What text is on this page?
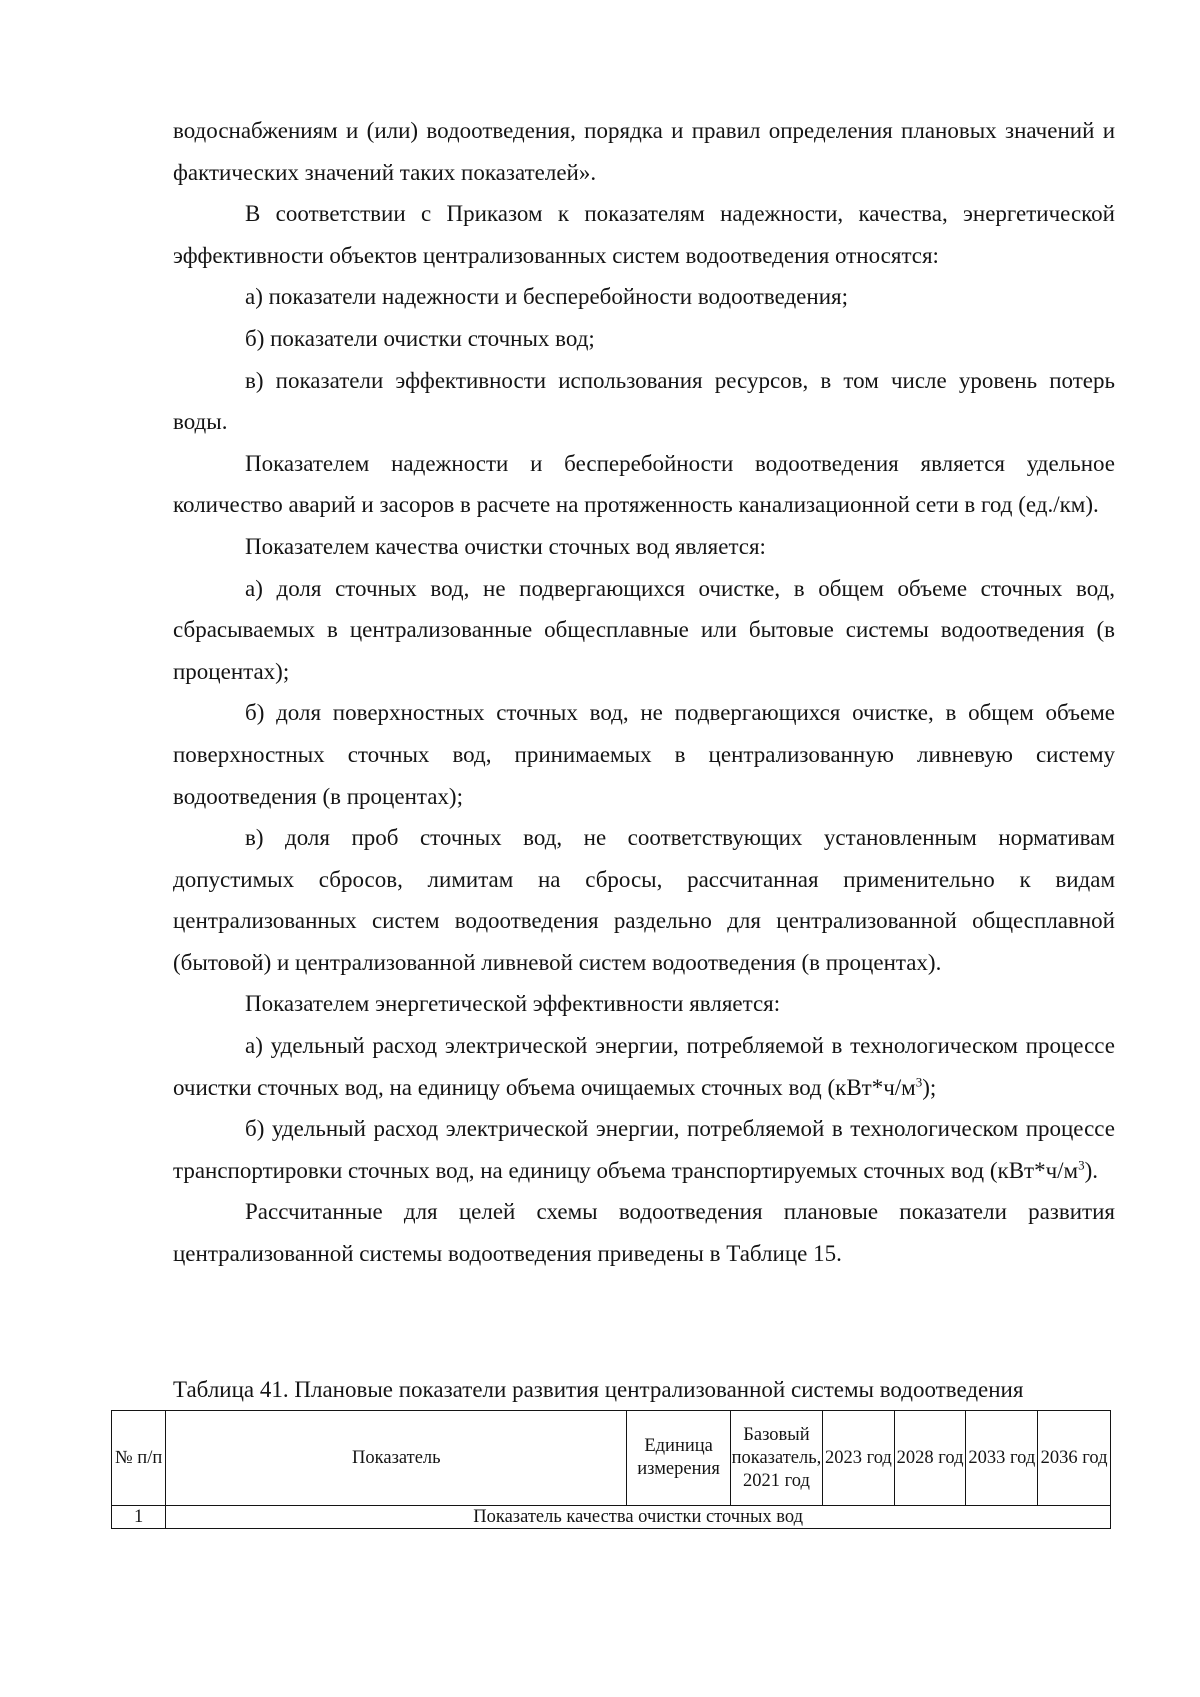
водоснабжениям и (или) водоотведения, порядка и правил определения плановых значений и фактических значений таких показателей».

В соответствии с Приказом к показателям надежности, качества, энергетической эффективности объектов централизованных систем водоотведения относятся:

а) показатели надежности и бесперебойности водоотведения;

б) показатели очистки сточных вод;

в) показатели эффективности использования ресурсов, в том числе уровень потерь воды.

Показателем надежности и бесперебойности водоотведения является удельное количество аварий и засоров в расчете на протяженность канализационной сети в год (ед./км).

Показателем качества очистки сточных вод является:

а) доля сточных вод, не подвергающихся очистке, в общем объеме сточных вод, сбрасываемых в централизованные общесплавные или бытовые системы водоотведения (в процентах);

б) доля поверхностных сточных вод, не подвергающихся очистке, в общем объеме поверхностных сточных вод, принимаемых в централизованную ливневую систему водоотведения (в процентах);

в) доля проб сточных вод, не соответствующих установленным нормативам допустимых сбросов, лимитам на сбросы, рассчитанная применительно к видам централизованных систем водоотведения раздельно для централизованной общесплавной (бытовой) и централизованной ливневой систем водоотведения (в процентах).

Показателем энергетической эффективности является:

а) удельный расход электрической энергии, потребляемой в технологическом процессе очистки сточных вод, на единицу объема очищаемых сточных вод $(кВт*ч/м^3)$;

б) удельный расход электрической энергии, потребляемой в технологическом процессе транспортировки сточных вод, на единицу объема транспортируемых сточных вод $(кВт*ч/м^3)$.

Рассчитанные для целей схемы водоотведения плановые показатели развития централизованной системы водоотведения приведены в Таблице 15.

Таблица 41. Плановые показатели развития централизованной системы водоотведения
№ п/п	Показатель	Единица измерения	Базовый показатель, 2021 год	2023 год	2028 год	2033 год	2036 год
1	Показатель качества очистки сточных вод						
